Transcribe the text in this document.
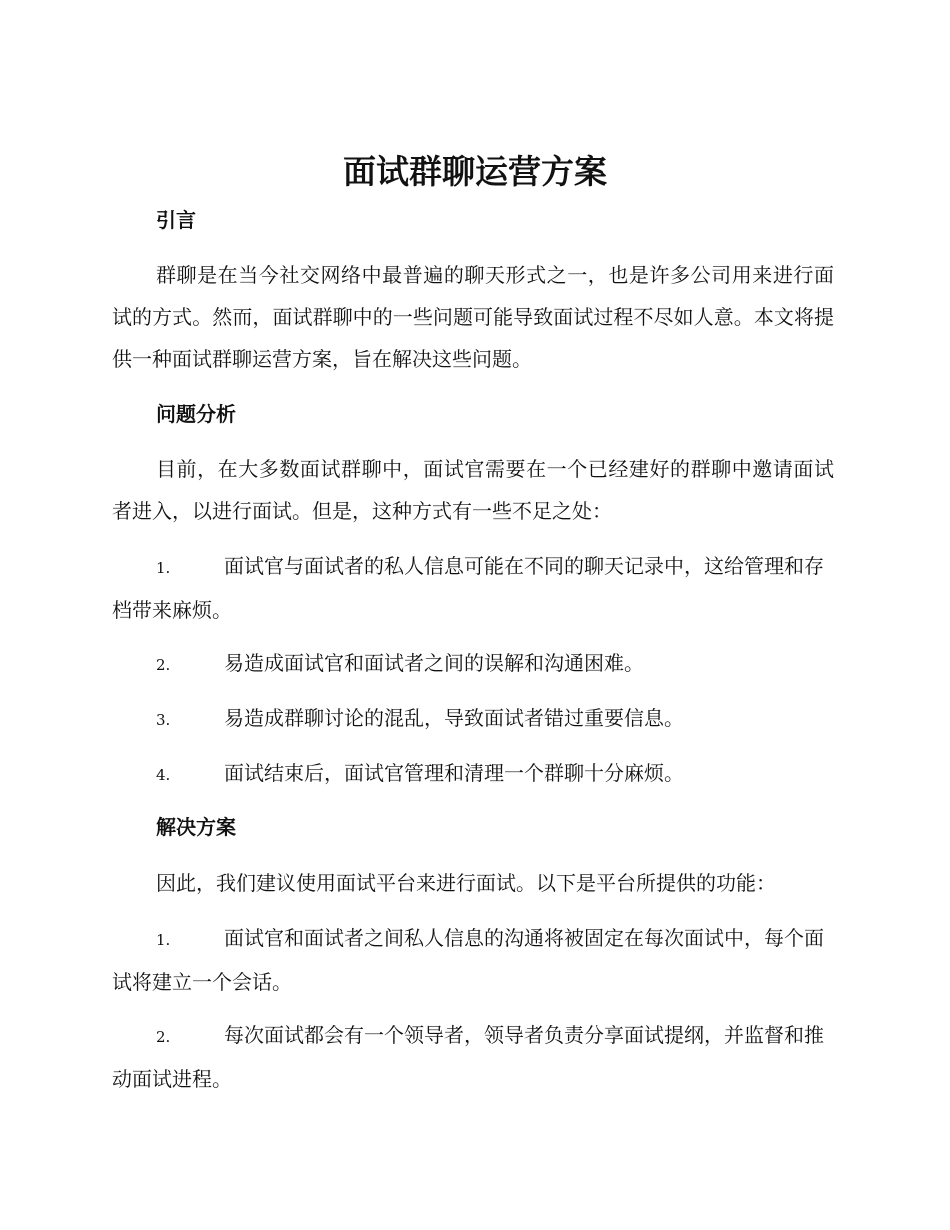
面试群聊运营方案
引言
群聊是在当今社交网络中最普遍的聊天形式之一，也是许多公司用来进行面试的方式。然而，面试群聊中的一些问题可能导致面试过程不尽如人意。本文将提供一种面试群聊运营方案，旨在解决这些问题。
问题分析
目前，在大多数面试群聊中，面试官需要在一个已经建好的群聊中邀请面试者进入，以进行面试。但是，这种方式有一些不足之处：
1.	面试官与面试者的私人信息可能在不同的聊天记录中，这给管理和存档带来麻烦。
2.	易造成面试官和面试者之间的误解和沟通困难。
3.	易造成群聊讨论的混乱，导致面试者错过重要信息。
4.	面试结束后，面试官管理和清理一个群聊十分麻烦。
解决方案
因此，我们建议使用面试平台来进行面试。以下是平台所提供的功能：
1.	面试官和面试者之间私人信息的沟通将被固定在每次面试中，每个面试将建立一个会话。
2.	每次面试都会有一个领导者，领导者负责分享面试提纲，并监督和推动面试进程。
